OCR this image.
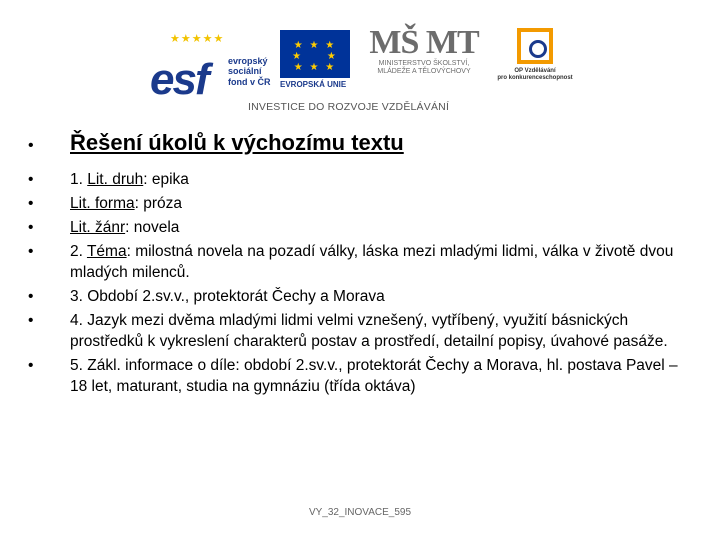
★★★★★
esf evropský
sociální
fond v ČR
★ ★ ★
★     ★
★ ★ ★
EVROPSKÁ UNIE
MŠ MT
MINISTERSTVO ŠKOLSTVÍ,
MLÁDEŽE A TĚLOVÝCHOVY	OP Vzdělávání
pro konkurenceschopnost
INVESTICE DO ROZVOJE VZDĚLÁVÁNÍ
•	Řešení úkolů k výchozímu textu
•	1. Lit. druh: epika
•	Lit. forma: próza
•	Lit. žánr: novela
•	2. Téma: milostná novela na pozadí války, láska mezi mladými lidmi, válka v životě dvou mladých milenců.
•	3. Období 2.sv.v., protektorát Čechy a Morava
•	4. Jazyk mezi dvěma mladými lidmi velmi vznešený, vytříbený, využití básnických prostředků k vykreslení charakterů postav a prostředí, detailní popisy, úvahové pasáže.
•	5. Zákl. informace o díle: období 2.sv.v., protektorát Čechy a Morava, hl. postava Pavel – 18 let, maturant, studia na gymnáziu (třída oktáva)
VY_32_INOVACE_595
